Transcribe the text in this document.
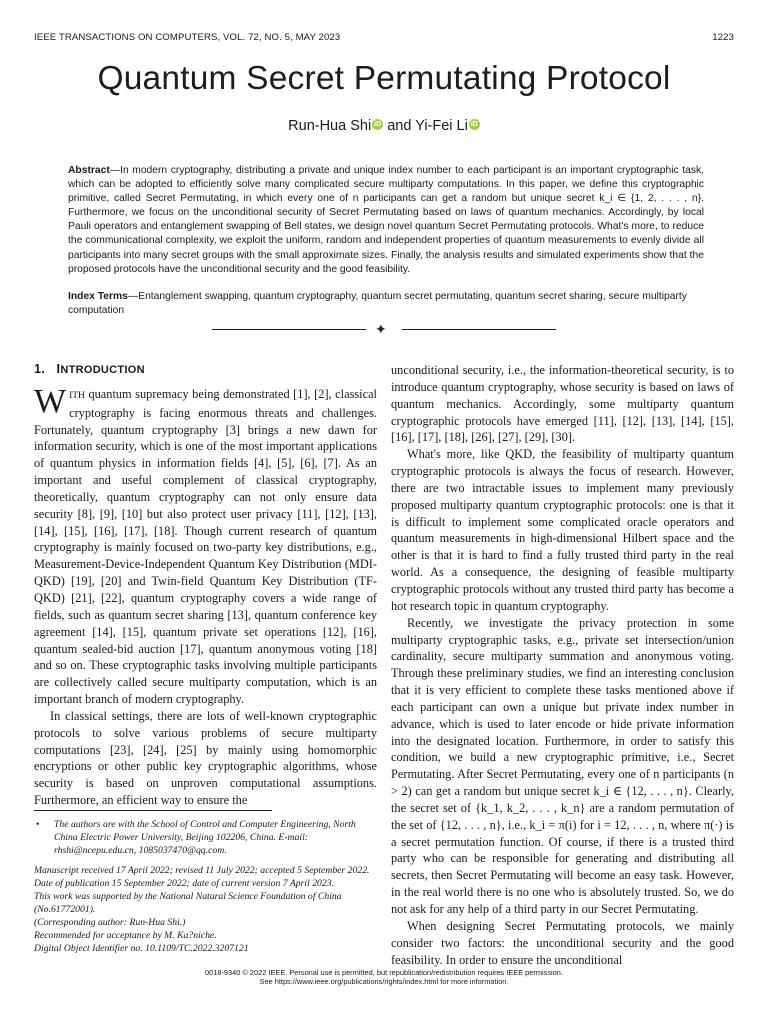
IEEE TRANSACTIONS ON COMPUTERS, VOL. 72, NO. 5, MAY 2023	1223
Quantum Secret Permutating Protocol
Run-Hua Shi iD and Yi-Fei Li iD
Abstract—In modern cryptography, distributing a private and unique index number to each participant is an important cryptographic task, which can be adopted to efficiently solve many complicated secure multiparty computations. In this paper, we define this cryptographic primitive, called Secret Permutating, in which every one of n participants can get a random but unique secret k_i ∈ {1, 2, . . . , n}. Furthermore, we focus on the unconditional security of Secret Permutating based on laws of quantum mechanics. Accordingly, by local Pauli operators and entanglement swapping of Bell states, we design novel quantum Secret Permutating protocols. What's more, to reduce the communicational complexity, we exploit the uniform, random and independent properties of quantum measurements to evenly divide all participants into many secret groups with the small approximate sizes. Finally, the analysis results and simulated experiments show that the proposed protocols have the unconditional security and the good feasibility.
Index Terms—Entanglement swapping, quantum cryptography, quantum secret permutating, quantum secret sharing, secure multiparty computation
✦
1.   INTRODUCTION

WITH quantum supremacy being demonstrated [1], [2], classical cryptography is facing enormous threats and challenges. Fortunately, quantum cryptography [3] brings a new dawn for information security, which is one of the most important applications of quantum physics in information fields [4], [5], [6], [7]. As an important and useful complement of classical cryptography, theoretically, quantum cryptography can not only ensure data security [8], [9], [10] but also protect user privacy [11], [12], [13], [14], [15], [16], [17], [18]. Though current research of quantum cryptography is mainly focused on two-party key distributions, e.g., Measurement-Device-Independent Quantum Key Distribution (MDI-QKD) [19], [20] and Twin-field Quantum Key Distribution (TF-QKD) [21], [22], quantum cryptography covers a wide range of fields, such as quantum secret sharing [13], quantum conference key agreement [14], [15], quantum private set operations [12], [16], quantum sealed-bid auction [17], quantum anonymous voting [18] and so on. These cryptographic tasks involving multiple participants are collectively called secure multiparty computation, which is an important branch of modern cryptography.

In classical settings, there are lots of well-known cryptographic protocols to solve various problems of secure multiparty computations [23], [24], [25] by mainly using homomorphic encryptions or other public key cryptographic algorithms, whose security is based on unproven computational assumptions. Furthermore, an efficient way to ensure the

• The authors are with the School of Control and Computer Engineering, North China Electric Power University, Beijing 102206, China. E-mail: rhshi@ncepu.edu.cn, 1085037470@qq.com.

Manuscript received 17 April 2022; revised 11 July 2022; accepted 5 September 2022. Date of publication 15 September 2022; date of current version 7 April 2023.

This work was supported by the National Natural Science Foundation of China (No.61772001).

(Corresponding author: Run-Hua Shi.)

Recommended for acceptance by M. Ka?niche.

Digital Object Identifier no. 10.1109/TC.2022.3207121

unconditional security, i.e., the information-theoretical security, is to introduce quantum cryptography, whose security is based on laws of quantum mechanics. Accordingly, some multiparty quantum cryptographic protocols have emerged [11], [12], [13], [14], [15], [16], [17], [18], [26], [27], [29], [30].

What's more, like QKD, the feasibility of multiparty quantum cryptographic protocols is always the focus of research. However, there are two intractable issues to implement many previously proposed multiparty quantum cryptographic protocols: one is that it is difficult to implement some complicated oracle operators and quantum measurements in high-dimensional Hilbert space and the other is that it is hard to find a fully trusted third party in the real world. As a consequence, the designing of feasible multiparty cryptographic protocols without any trusted third party has become a hot research topic in quantum cryptography.

Recently, we investigate the privacy protection in some multiparty cryptographic tasks, e.g., private set intersection/union cardinality, secure multiparty summation and anonymous voting. Through these preliminary studies, we find an interesting conclusion that it is very efficient to complete these tasks mentioned above if each participant can own a unique but private index number in advance, which is used to later encode or hide private information into the designated location. Furthermore, in order to satisfy this condition, we build a new cryptographic primitive, i.e., Secret Permutating. After Secret Permutating, every one of n participants (n > 2) can get a random but unique secret k_i ∈ {12, . . . , n}. Clearly, the secret set of {k_1, k_2, . . . , k_n} are a random permutation of the set of {12, . . . , n}, i.e., k_i = π(i) for i = 12, . . . , n, where π(·) is a secret permutation function. Of course, if there is a trusted third party who can be responsible for generating and distributing all secrets, then Secret Permutating will become an easy task. However, in the real world there is no one who is absolutely trusted. So, we do not ask for any help of a third party in our Secret Permutating.

When designing Secret Permutating protocols, we mainly consider two factors: the unconditional security and the good feasibility. In order to ensure the unconditional

0018-9340 © 2022 IEEE. Personal use is permitted, but republication/redistribution requires IEEE permission.
See https://www.ieee.org/publications/rights/index.html for more information.
